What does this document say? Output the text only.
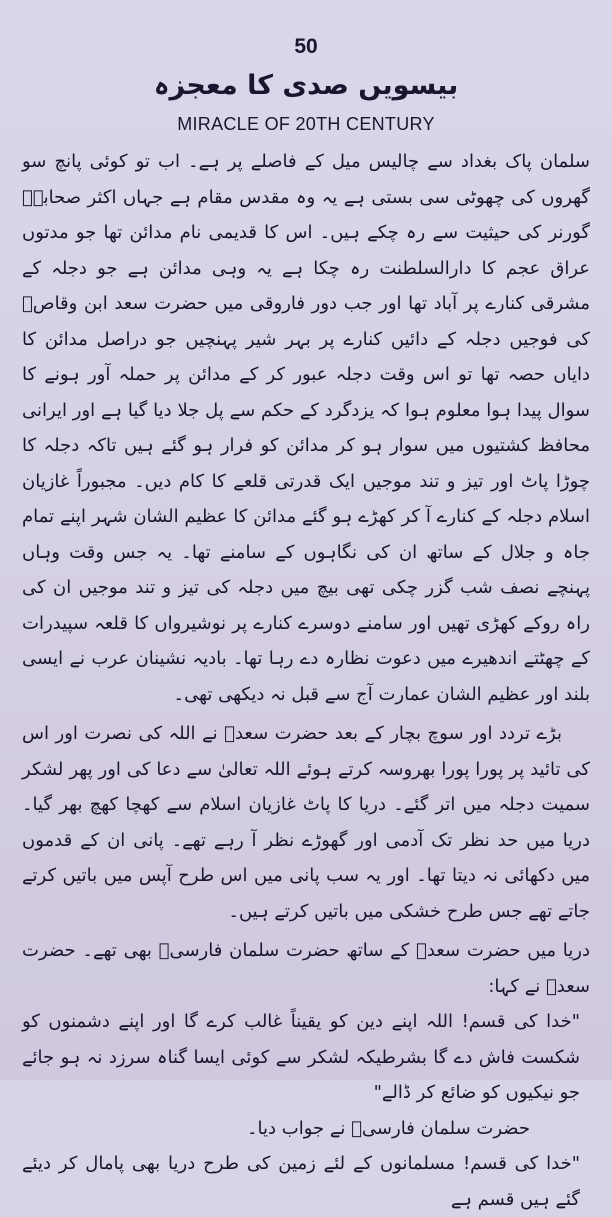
50
بیسویں صدی کا معجزہ
MIRACLE OF 20TH CENTURY

سلمان پاک بغداد سے چالیس میل کے فاصلے پر ہے۔ اب تو کوئی پانچ سو گھروں کی چھوٹی سی بستی ہے یہ وہ مقدس مقام ہے جہاں اکثر صحابہؓ گورنر کی حیثیت سے رہ چکے ہیں۔ اس کا قدیمی نام مدائن تھا جو مدتوں عراق عجم کا دارالسلطنت رہ چکا ہے یہ وہی مدائن ہے جو دجلہ کے مشرقی کنارے پر آباد تھا اور جب دور فاروقی میں حضرت سعد ابن وقاصؓ کی فوجیں دجلہ کے دائیں کنارے پر بہر شیر پہنچیں جو دراصل مدائن کا دایاں حصہ تھا تو اس وقت دجلہ عبور کر کے مدائن پر حملہ آور ہونے کا سوال پیدا ہوا معلوم ہوا کہ یزدگرد کے حکم سے پل جلا دیا گیا ہے اور ایرانی محافظ کشتیوں میں سوار ہو کر مدائن کو فرار ہو گئے ہیں تاکہ دجلہ کا چوڑا پاٹ اور تیز و تند موجیں ایک قدرتی قلعے کا کام دیں۔ مجبوراً غازیان اسلام دجلہ کے کنارے آ کر کھڑے ہو گئے مدائن کا عظیم الشان شہر اپنے تمام جاہ و جلال کے ساتھ ان کی نگاہوں کے سامنے تھا۔ یہ جس وقت وہاں پہنچے نصف شب گزر چکی تھی بیچ میں دجلہ کی تیز و تند موجیں ان کی راہ روکے کھڑی تھیں اور سامنے دوسرے کنارے پر نوشیرواں کا قلعہ سپیدرات کے چھٹتے اندھیرے میں دعوت نظارہ دے رہا تھا۔ بادیہ نشینان عرب نے ایسی بلند اور عظیم الشان عمارت آج سے قبل نہ دیکھی تھی۔

بڑے تردد اور سوچ بچار کے بعد حضرت سعدؓ نے اللہ کی نصرت اور اس کی تائید پر پورا پورا بھروسہ کرتے ہوئے اللہ تعالیٰ سے دعا کی اور پھر لشکر سمیت دجلہ میں اتر گئے۔ دریا کا پاٹ غازیان اسلام سے کھچا کھچ بھر گیا۔ دریا میں حد نظر تک آدمی اور گھوڑے نظر آ رہے تھے۔ پانی ان کے قدموں میں دکھائی نہ دیتا تھا۔ اور یہ سب پانی میں اس طرح آپس میں باتیں کرتے جاتے تھے جس طرح خشکی میں باتیں کرتے ہیں۔

دریا میں حضرت سعدؓ کے ساتھ حضرت سلمان فارسیؓ بھی تھے۔ حضرت سعدؓ نے کہا:

"خدا کی قسم! اللہ اپنے دین کو یقیناً غالب کرے گا اور اپنے دشمنوں کو شکست فاش دے گا بشرطیکہ لشکر سے کوئی ایسا گناہ سرزد نہ ہو جائے جو نیکیوں کو ضائع کر ڈالے"

حضرت سلمان فارسیؓ نے جواب دیا۔

"خدا کی قسم! مسلمانوں کے لئے زمین کی طرح دریا بھی پامال کر دیئے گئے ہیں قسم ہے
